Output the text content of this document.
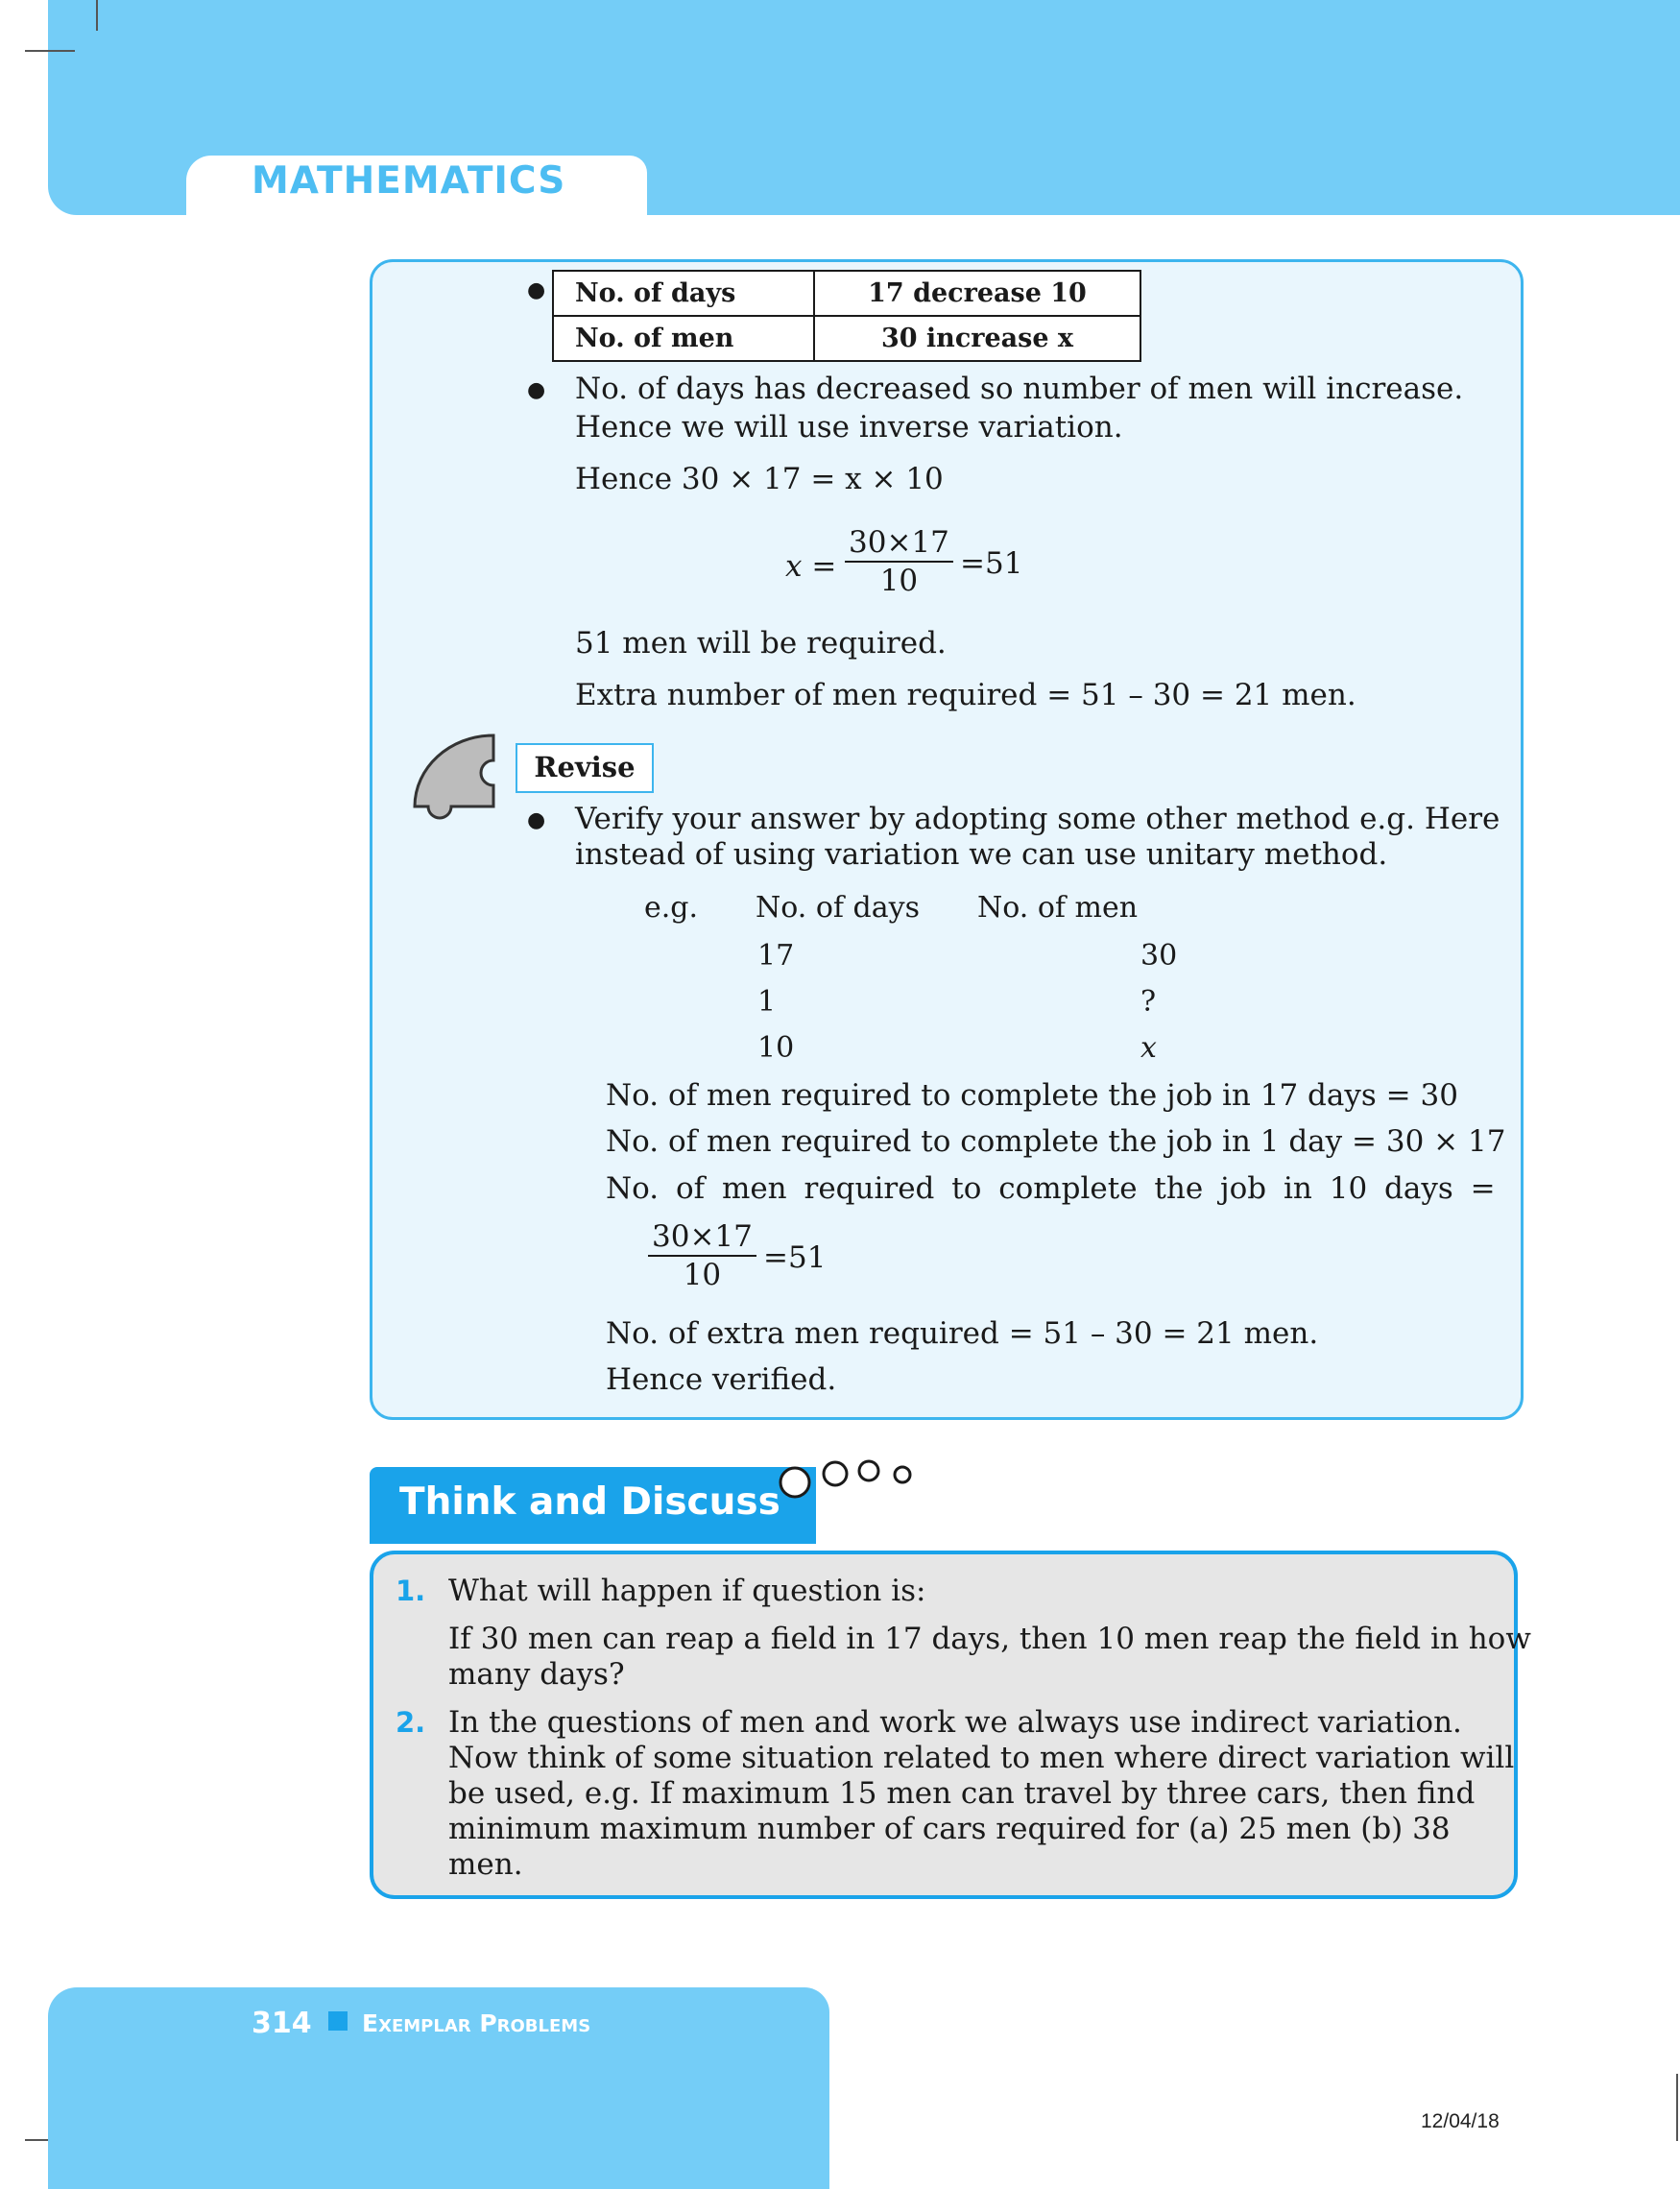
MATHEMATICS
● No. of days	17 decrease 10
No. of men	30 increase x
● No. of days has decreased so number of men will increase.
Hence we will use inverse variation.
Hence 30 × 17 = x × 10
$x = \frac{30\times 17}{10} =51$
51 men will be required.
Extra number of men required = 51 – 30 = 21 men.
Revise
● Verify your answer by adopting some other method e.g. Here
instead of using variation we can use unitary method.
e.g. No. of days No. of men
17	30
1	?
10	x
No. of men required to complete the job in 17 days = 30
No. of men required to complete the job in 1 day = 30 × 17
No. of men required to complete the job in 10 days =
$\frac{30\times 17}{10} =51$
No. of extra men required = 51 – 30 = 21 men.
Hence verified.
Think and Discuss
1. What will happen if question is:
If 30 men can reap a field in 17 days, then 10 men reap the field in how
many days?
2. In the questions of men and work we always use indirect variation.
Now think of some situation related to men where direct variation will
be used, e.g. If maximum 15 men can travel by three cars, then find
minimum maximum number of cars required for (a) 25 men (b) 38
men.
314 Exemplar Problems
12/04/18
